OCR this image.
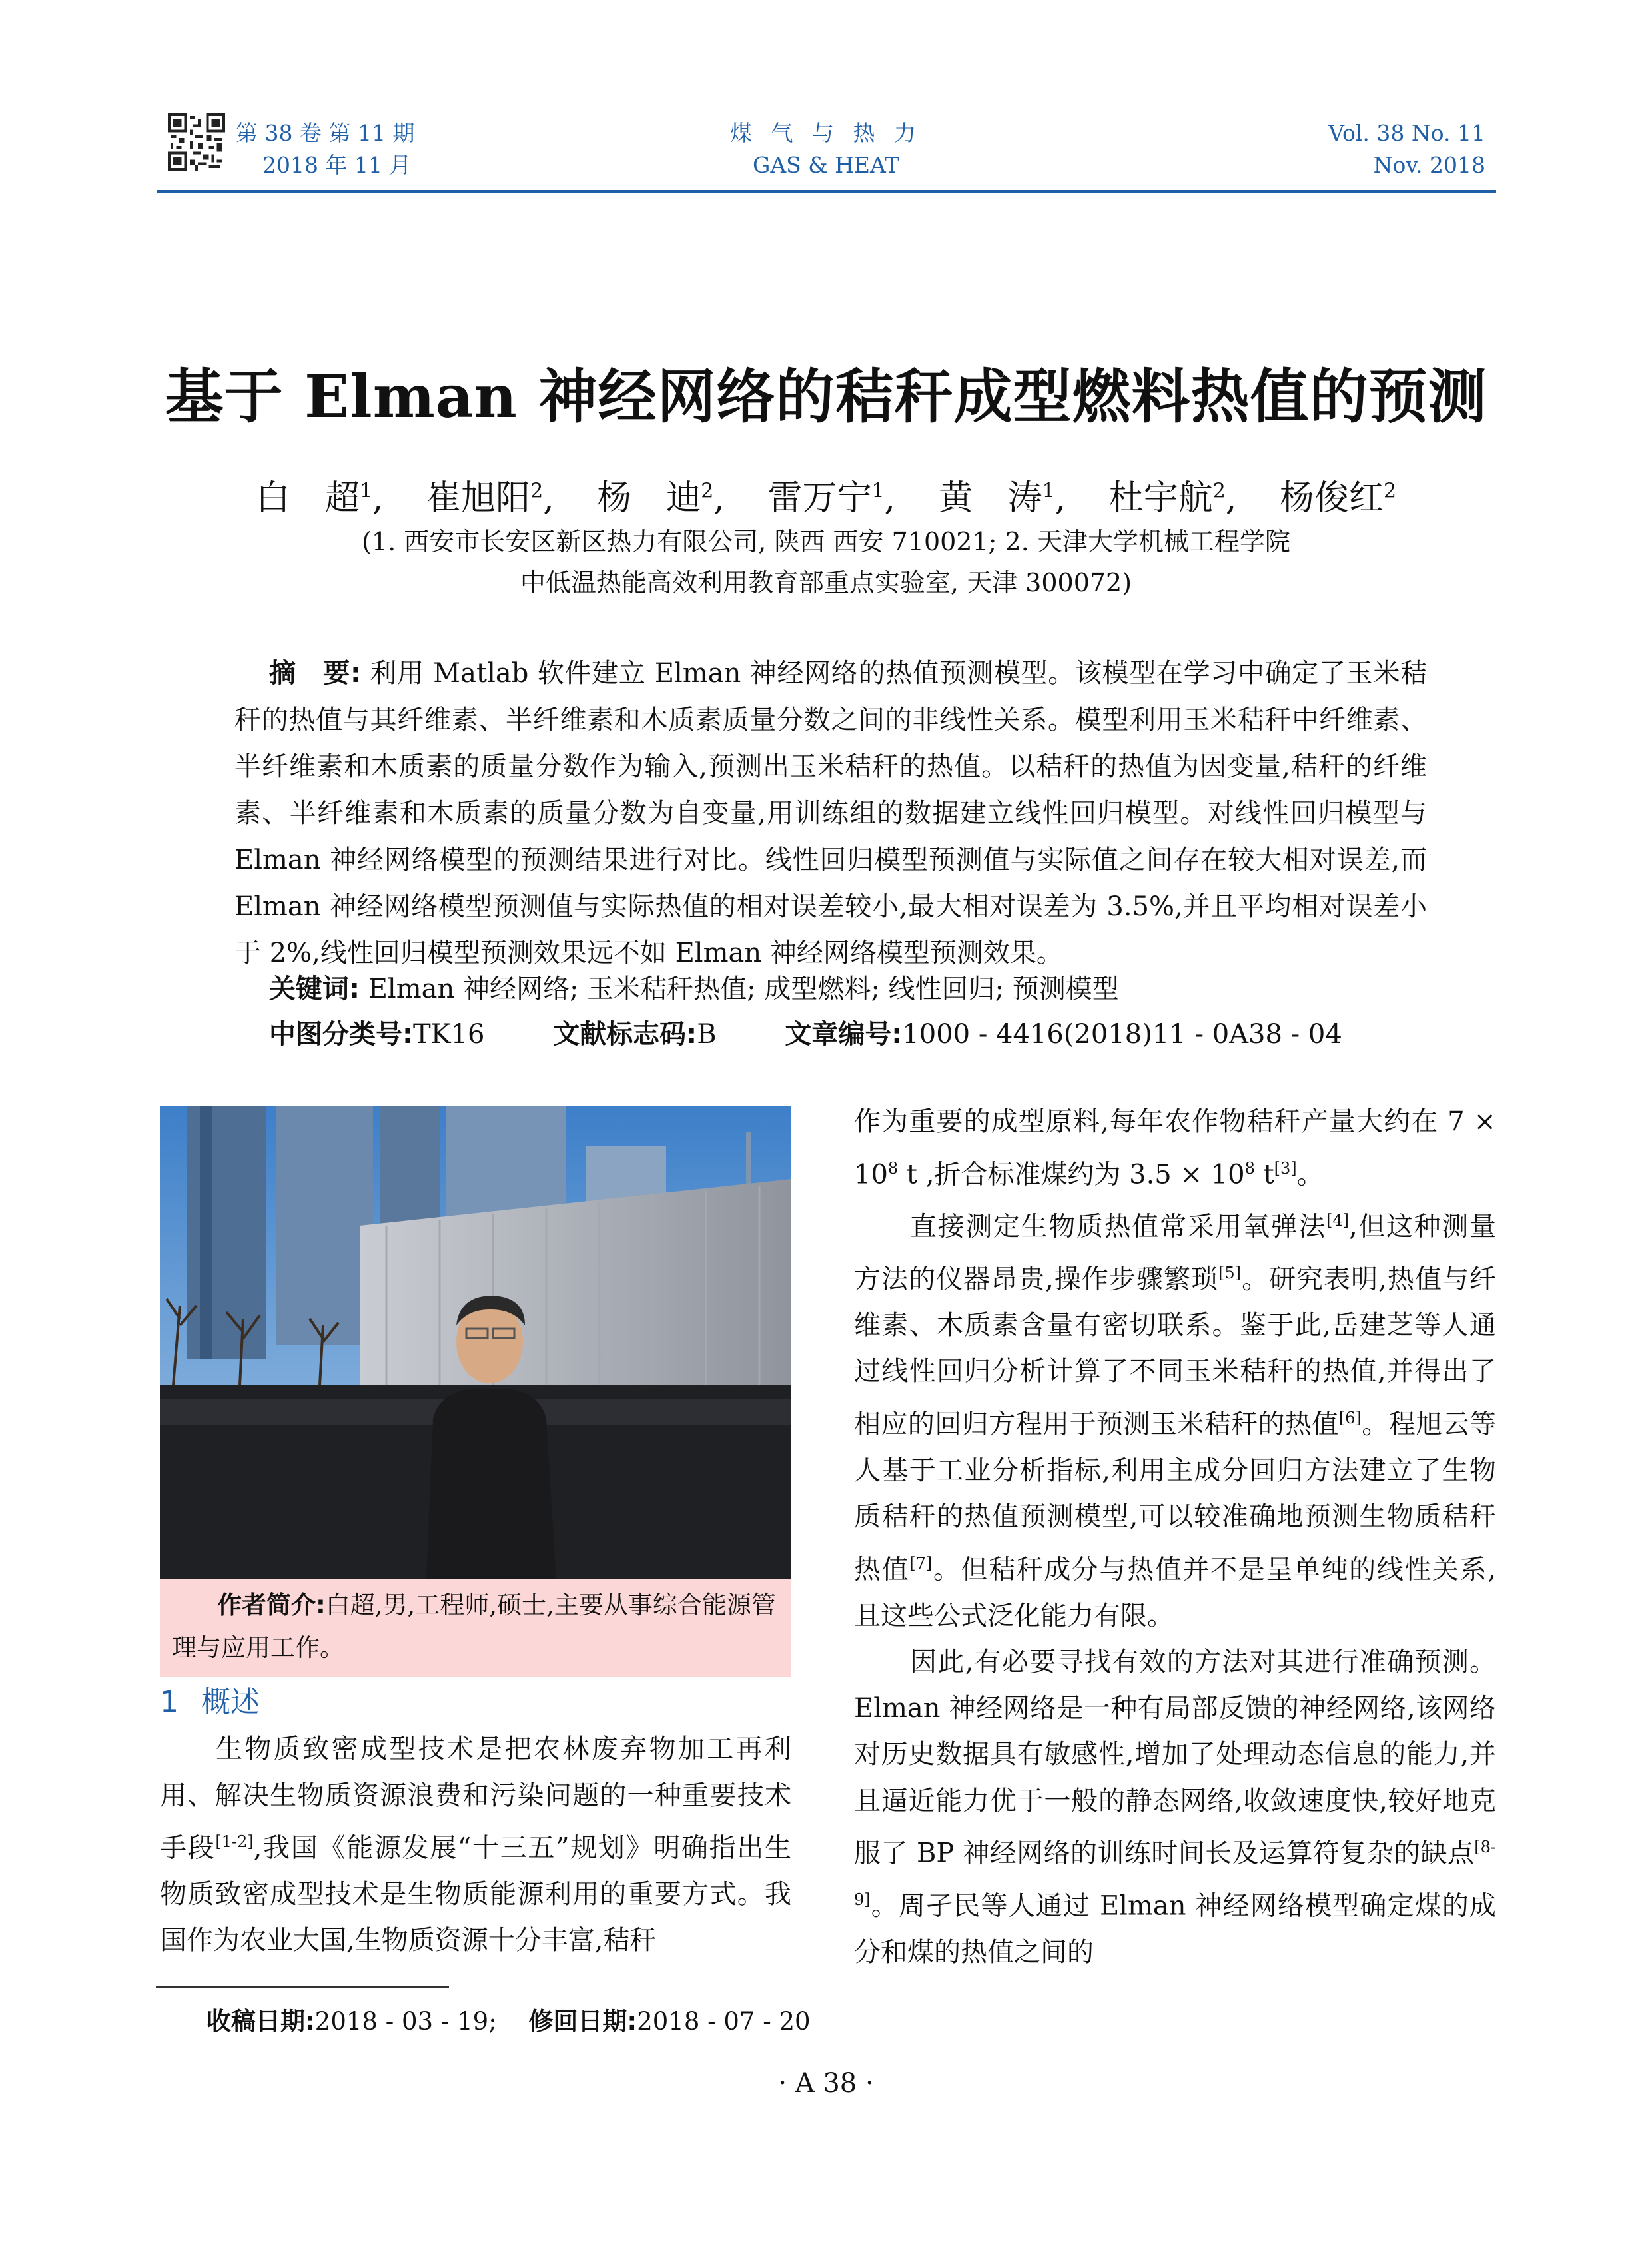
第 38 卷 第 11 期
2018 年 11 月
煤 气 与 热 力
GAS & HEAT
Vol. 38 No. 11
Nov. 2018
基于 Elman 神经网络的秸秆成型燃料热值的预测
白　超$^1$, 崔旭阳$^2$, 杨　迪$^2$, 雷万宁$^1$, 黄　涛$^1$, 杜宇航$^2$, 杨俊红$^2$
(1. 西安市长安区新区热力有限公司, 陕西 西安 710021; 2. 天津大学机械工程学院
中低温热能高效利用教育部重点实验室, 天津 300072)
摘　要: 利用 Matlab 软件建立 Elman 神经网络的热值预测模型。该模型在学习中确定了玉米秸秆的热值与其纤维素、半纤维素和木质素质量分数之间的非线性关系。模型利用玉米秸秆中纤维素、半纤维素和木质素的质量分数作为输入,预测出玉米秸秆的热值。以秸秆的热值为因变量,秸秆的纤维素、半纤维素和木质素的质量分数为自变量,用训练组的数据建立线性回归模型。对线性回归模型与 Elman 神经网络模型的预测结果进行对比。线性回归模型预测值与实际值之间存在较大相对误差,而 Elman 神经网络模型预测值与实际热值的相对误差较小,最大相对误差为 3.5%,并且平均相对误差小于 2%,线性回归模型预测效果远不如 Elman 神经网络模型预测效果。
关键词: Elman 神经网络; 玉米秸秆热值; 成型燃料; 线性回归; 预测模型
中图分类号:TK16	文献标志码:B	文章编号:1000 - 4416(2018)11 - 0A38 - 04
作者简介:白超,男,工程师,硕士,主要从事综合能源管理与应用工作。
1 概述

生物质致密成型技术是把农林废弃物加工再利用、解决生物质资源浪费和污染问题的一种重要技术手段[1-2],我国《能源发展“十三五”规划》明确指出生物质致密成型技术是生物质能源利用的重要方式。我国作为农业大国,生物质资源十分丰富,秸秆

作为重要的成型原料,每年农作物秸秆产量大约在 $7 \times 10^8$ t ,折合标准煤约为 $3.5 \times 10^8$ t[3]。

直接测定生物质热值常采用氧弹法[4],但这种测量方法的仪器昂贵,操作步骤繁琐[5]。研究表明,热值与纤维素、木质素含量有密切联系。鉴于此,岳建芝等人通过线性回归分析计算了不同玉米秸秆的热值,并得出了相应的回归方程用于预测玉米秸秆的热值[6]。程旭云等人基于工业分析指标,利用主成分回归方法建立了生物质秸秆的热值预测模型,可以较准确地预测生物质秸秆热值[7]。但秸秆成分与热值并不是呈单纯的线性关系,且这些公式泛化能力有限。

因此,有必要寻找有效的方法对其进行准确预测。Elman 神经网络是一种有局部反馈的神经网络,该网络对历史数据具有敏感性,增加了处理动态信息的能力,并且逼近能力优于一般的静态网络,收敛速度快,较好地克服了 BP 神经网络的训练时间长及运算符复杂的缺点[8-9]。周孑民等人通过 Elman 神经网络模型确定煤的成分和煤的热值之间的

收稿日期:2018 - 03 - 19; 修回日期:2018 - 07 - 20
· A 38 ·
